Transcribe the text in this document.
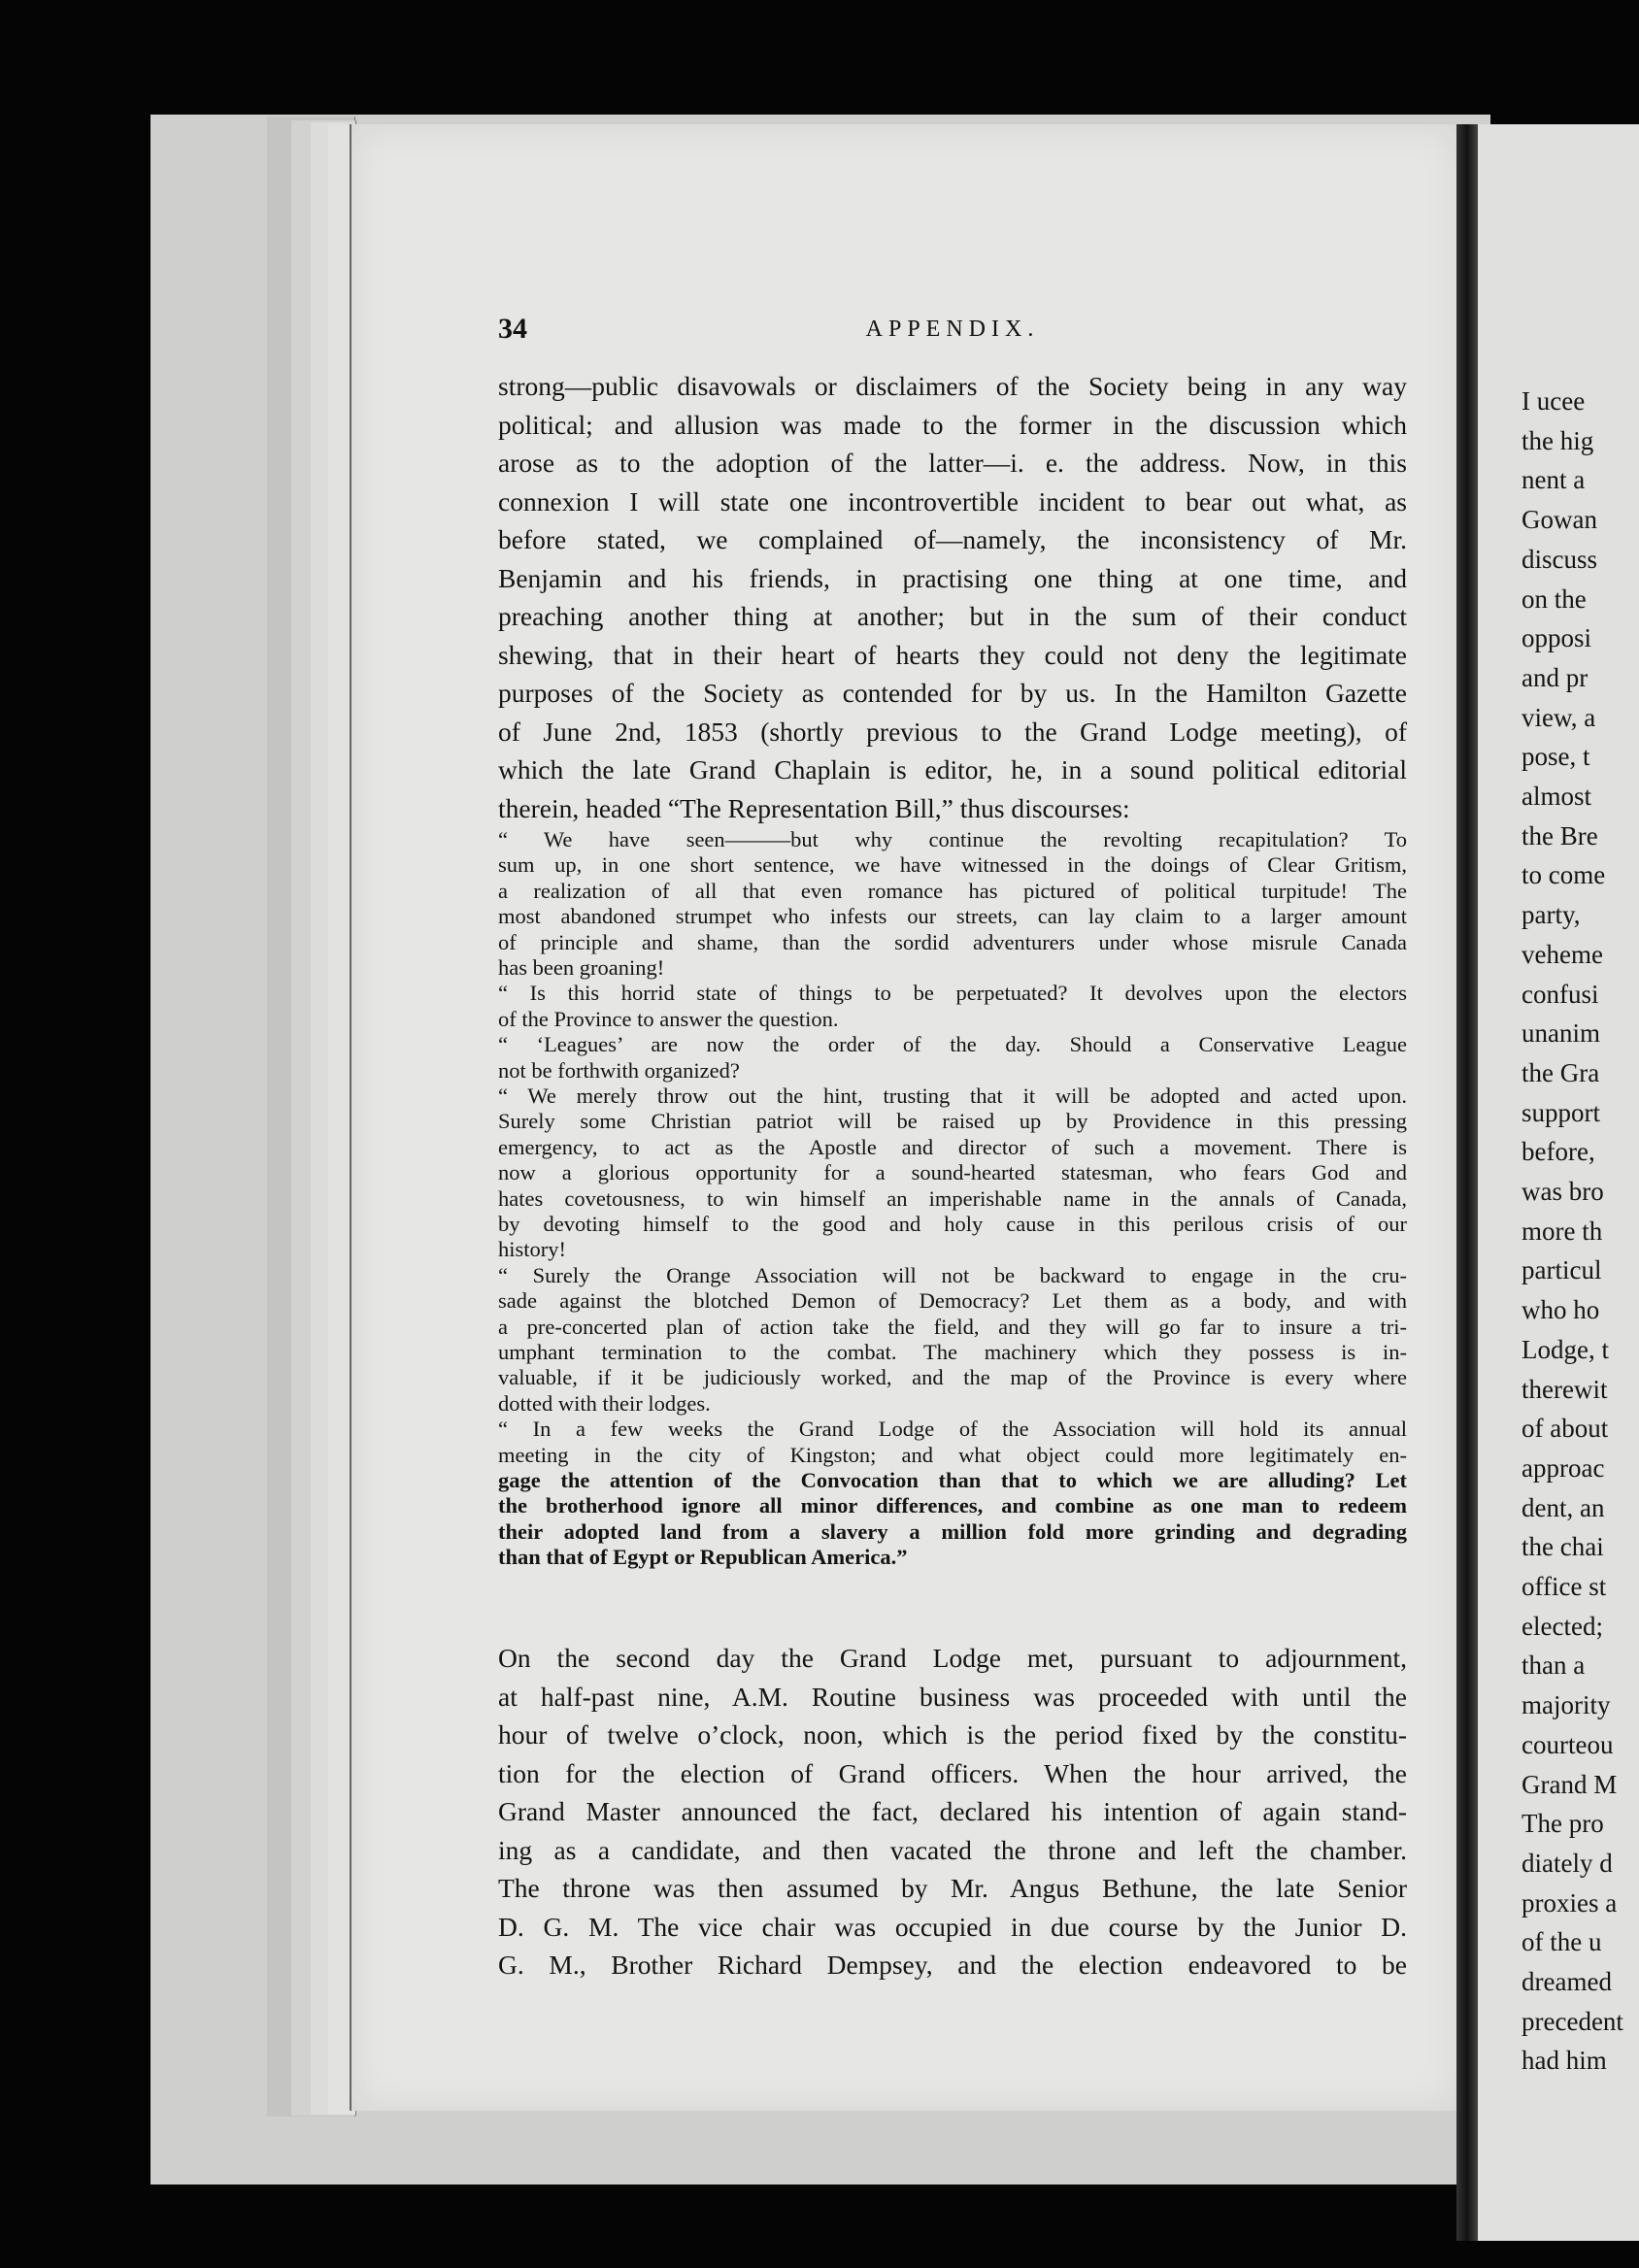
34	APPENDIX.
strong—public disavowals or disclaimers of the Society being in any way
political; and allusion was made to the former in the discussion which
arose as to the adoption of the latter—i. e. the address. Now, in this
connexion I will state one incontrovertible incident to bear out what, as
before stated, we complained of—namely, the inconsistency of Mr.
Benjamin and his friends, in practising one thing at one time, and
preaching another thing at another; but in the sum of their conduct
shewing, that in their heart of hearts they could not deny the legitimate
purposes of the Society as contended for by us. In the Hamilton Gazette
of June 2nd, 1853 (shortly previous to the Grand Lodge meeting), of
which the late Grand Chaplain is editor, he, in a sound political editorial
therein, headed “The Representation Bill,” thus discourses:
“ We have seen———but why continue the revolting recapitulation? To
sum up, in one short sentence, we have witnessed in the doings of Clear Gritism,
a realization of all that even romance has pictured of political turpitude! The
most abandoned strumpet who infests our streets, can lay claim to a larger amount
of principle and shame, than the sordid adventurers under whose misrule Canada
has been groaning!
“ Is this horrid state of things to be perpetuated? It devolves upon the electors
of the Province to answer the question.
“ ‘Leagues’ are now the order of the day. Should a Conservative League
not be forthwith organized?
“ We merely throw out the hint, trusting that it will be adopted and acted upon.
Surely some Christian patriot will be raised up by Providence in this pressing
emergency, to act as the Apostle and director of such a movement. There is
now a glorious opportunity for a sound-hearted statesman, who fears God and
hates covetousness, to win himself an imperishable name in the annals of Canada,
by devoting himself to the good and holy cause in this perilous crisis of our
history!
“ Surely the Orange Association will not be backward to engage in the cru-
sade against the blotched Demon of Democracy? Let them as a body, and with
a pre-concerted plan of action take the field, and they will go far to insure a tri-
umphant termination to the combat. The machinery which they possess is in-
valuable, if it be judiciously worked, and the map of the Province is every where
dotted with their lodges.
“ In a few weeks the Grand Lodge of the Association will hold its annual
meeting in the city of Kingston; and what object could more legitimately en-
gage the attention of the Convocation than that to which we are alluding? Let
the brotherhood ignore all minor differences, and combine as one man to redeem
their adopted land from a slavery a million fold more grinding and degrading
than that of Egypt or Republican America.”
On the second day the Grand Lodge met, pursuant to adjournment,
at half-past nine, A.M. Routine business was proceeded with until the
hour of twelve o’clock, noon, which is the period fixed by the constitu-
tion for the election of Grand officers. When the hour arrived, the
Grand Master announced the fact, declared his intention of again stand-
ing as a candidate, and then vacated the throne and left the chamber.
The throne was then assumed by Mr. Angus Bethune, the late Senior
D. G. M. The vice chair was occupied in due course by the Junior D.
G. M., Brother Richard Dempsey, and the election endeavored to be
I ucee
the hig
nent a
Gowan
discuss
on the
opposi
and pr
view, a
pose, t
almost
the Bre
to come
party,
veheme
confusi
unanim
the Gra
support
before,
was bro
more th
particul
who ho
Lodge, t
therewit
of about
approac
dent, an
the chai
office st
elected;
than a
majority
courteou
Grand M
The pro
diately d
proxies a
of the u
dreamed
precedent
had him
